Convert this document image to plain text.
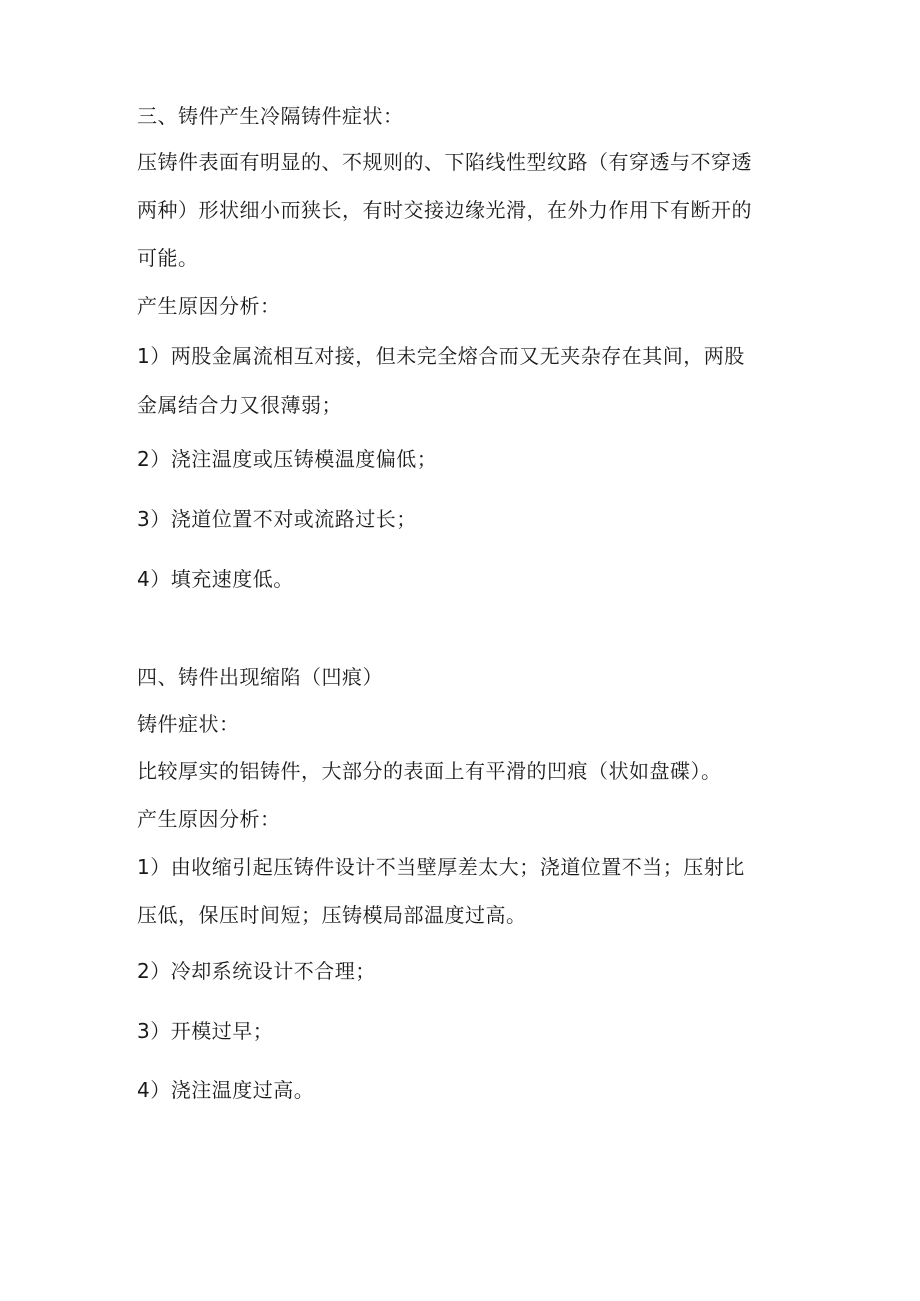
三、铸件产生冷隔铸件症状：
压铸件表面有明显的、不规则的、下陷线性型纹路（有穿透与不穿透
两种）形状细小而狭长，有时交接边缘光滑，在外力作用下有断开的
可能。
产生原因分析：
1）两股金属流相互对接，但未完全熔合而又无夹杂存在其间，两股
金属结合力又很薄弱；
2）浇注温度或压铸模温度偏低；
3）浇道位置不对或流路过长；
4）填充速度低。
四、铸件出现缩陷（凹痕）
铸件症状：
比较厚实的铝铸件，大部分的表面上有平滑的凹痕（状如盘碟）。
产生原因分析：
1）由收缩引起压铸件设计不当壁厚差太大；浇道位置不当；压射比
压低，保压时间短；压铸模局部温度过高。
2）冷却系统设计不合理；
3）开模过早；
4）浇注温度过高。
